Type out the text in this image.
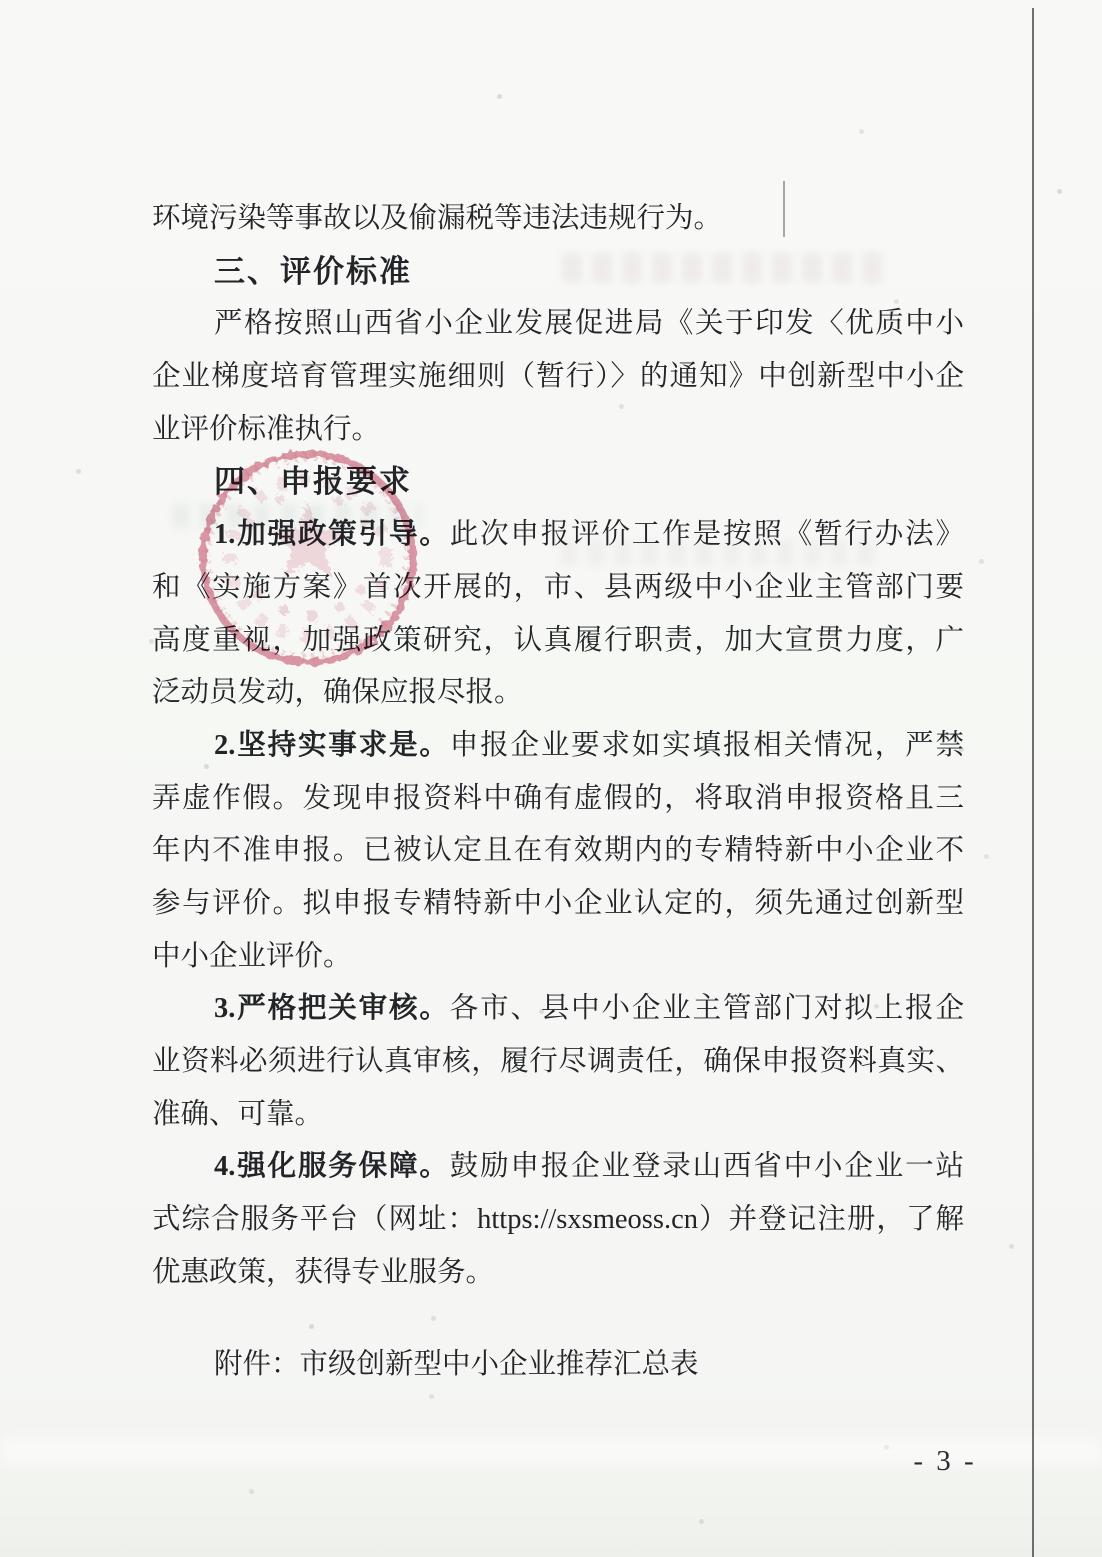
环境污染等事故以及偷漏税等违法违规行为。
三、评价标准
严格按照山西省小企业发展促进局《关于印发〈优质中小
企业梯度培育管理实施细则（暂行）〉的通知》中创新型中小企
业评价标准执行。
四、申报要求
1.加强政策引导。此次申报评价工作是按照《暂行办法》
和《实施方案》首次开展的，市、县两级中小企业主管部门要
高度重视，加强政策研究，认真履行职责，加大宣贯力度，广
泛动员发动，确保应报尽报。
2.坚持实事求是。申报企业要求如实填报相关情况，严禁
弄虚作假。发现申报资料中确有虚假的，将取消申报资格且三
年内不准申报。已被认定且在有效期内的专精特新中小企业不
参与评价。拟申报专精特新中小企业认定的，须先通过创新型
中小企业评价。
3.严格把关审核。各市、县中小企业主管部门对拟上报企
业资料必须进行认真审核，履行尽调责任，确保申报资料真实、
准确、可靠。
4.强化服务保障。鼓励申报企业登录山西省中小企业一站
式综合服务平台（网址：https://sxsmeoss.cn）并登记注册，了解
优惠政策，获得专业服务。
附件：市级创新型中小企业推荐汇总表
- 3 -
